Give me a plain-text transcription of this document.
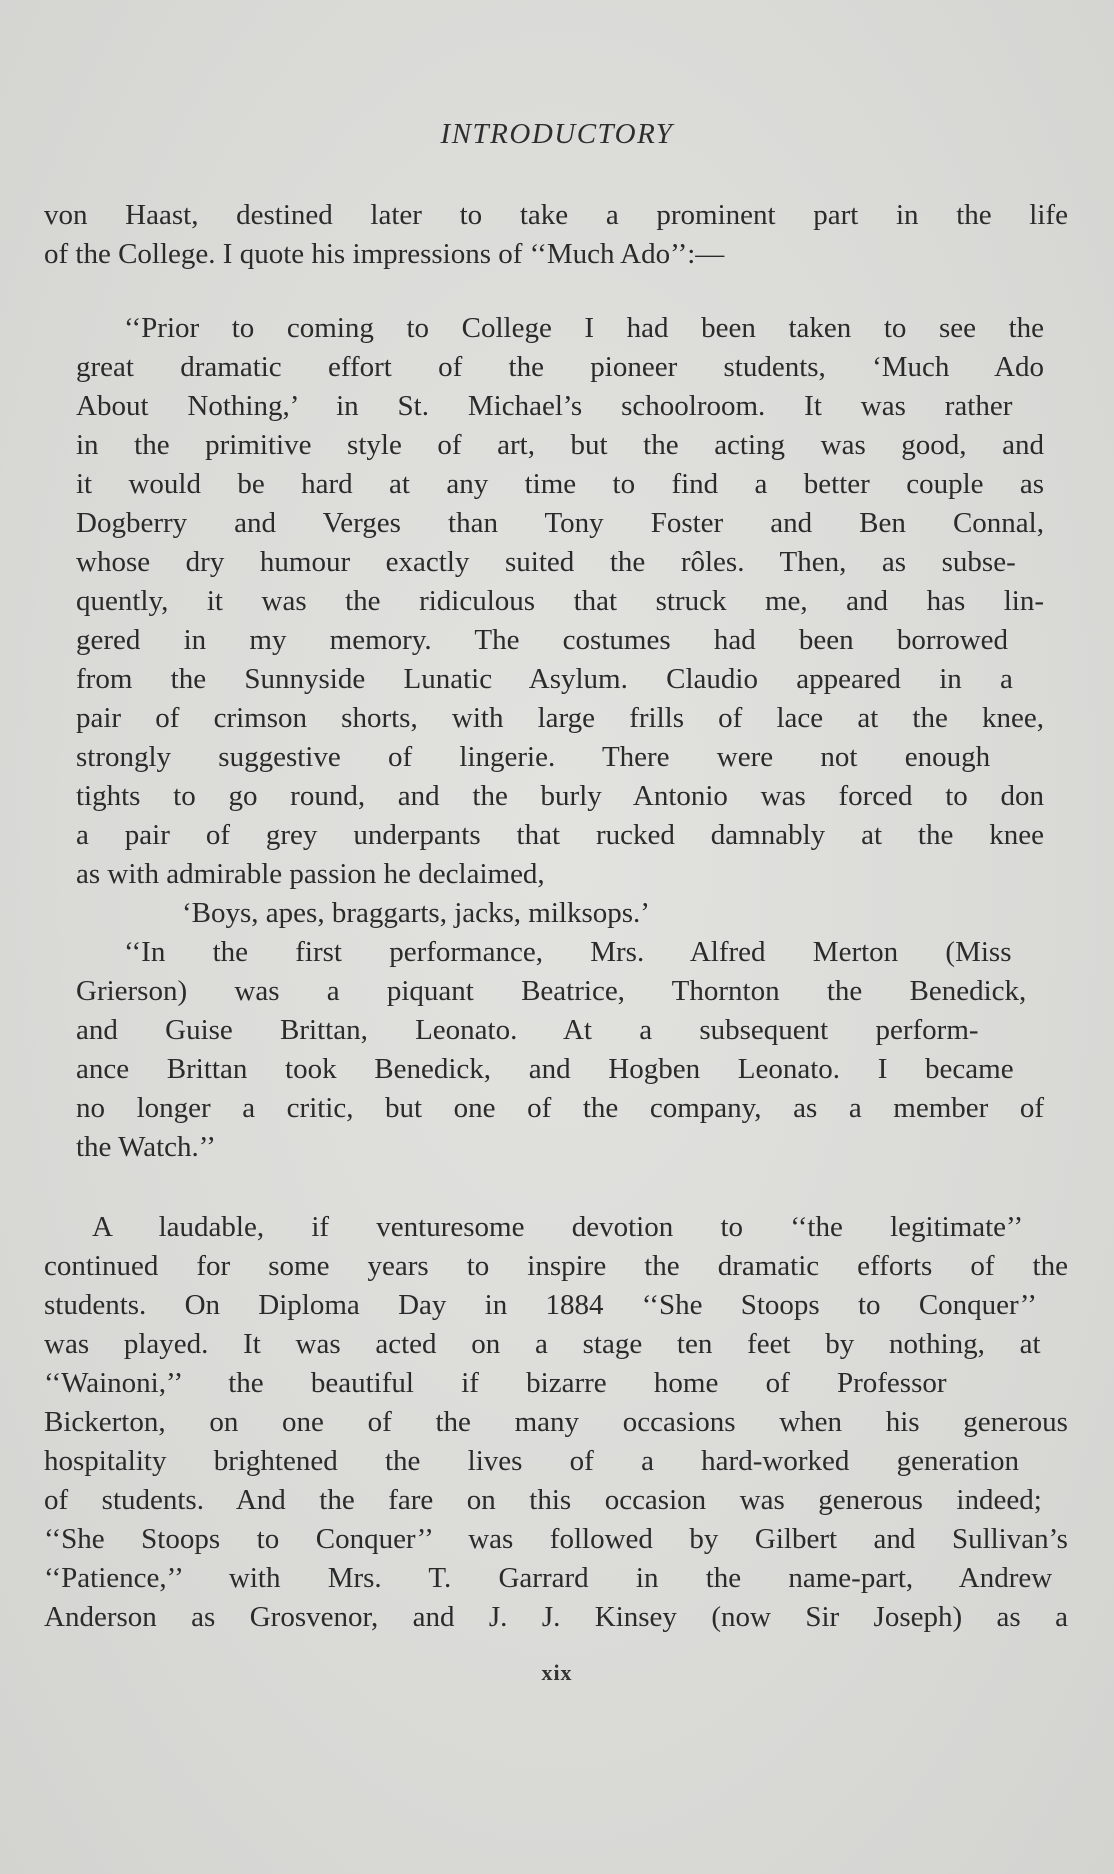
INTRODUCTORY
von Haast, destined later to take a prominent part in the life
of the College. I quote his impressions of ‘‘Much Ado’’:—
‘‘Prior to coming to College I had been taken to see the
great dramatic effort of the pioneer students, ‘Much Ado
About Nothing,’ in St. Michael’s schoolroom. It was rather
in the primitive style of art, but the acting was good, and
it would be hard at any time to find a better couple as
Dogberry and Verges than Tony Foster and Ben Connal,
whose dry humour exactly suited the rôles. Then, as subse-
quently, it was the ridiculous that struck me, and has lin-
gered in my memory. The costumes had been borrowed
from the Sunnyside Lunatic Asylum. Claudio appeared in a
pair of crimson shorts, with large frills of lace at the knee,
strongly suggestive of lingerie. There were not enough
tights to go round, and the burly Antonio was forced to don
a pair of grey underpants that rucked damnably at the knee
as with admirable passion he declaimed,
‘Boys, apes, braggarts, jacks, milksops.’
‘‘In the first performance, Mrs. Alfred Merton (Miss
Grierson) was a piquant Beatrice, Thornton the Benedick,
and Guise Brittan, Leonato. At a subsequent perform-
ance Brittan took Benedick, and Hogben Leonato. I became
no longer a critic, but one of the company, as a member of
the Watch.’’
A laudable, if venturesome devotion to ‘‘the legitimate’’
continued for some years to inspire the dramatic efforts of the
students. On Diploma Day in 1884 ‘‘She Stoops to Conquer’’
was played. It was acted on a stage ten feet by nothing, at
‘‘Wainoni,’’ the beautiful if bizarre home of Professor
Bickerton, on one of the many occasions when his generous
hospitality brightened the lives of a hard-worked generation
of students. And the fare on this occasion was generous indeed;
‘‘She Stoops to Conquer’’ was followed by Gilbert and Sullivan’s
‘‘Patience,’’ with Mrs. T. Garrard in the name-part, Andrew
Anderson as Grosvenor, and J. J. Kinsey (now Sir Joseph) as a
xix
